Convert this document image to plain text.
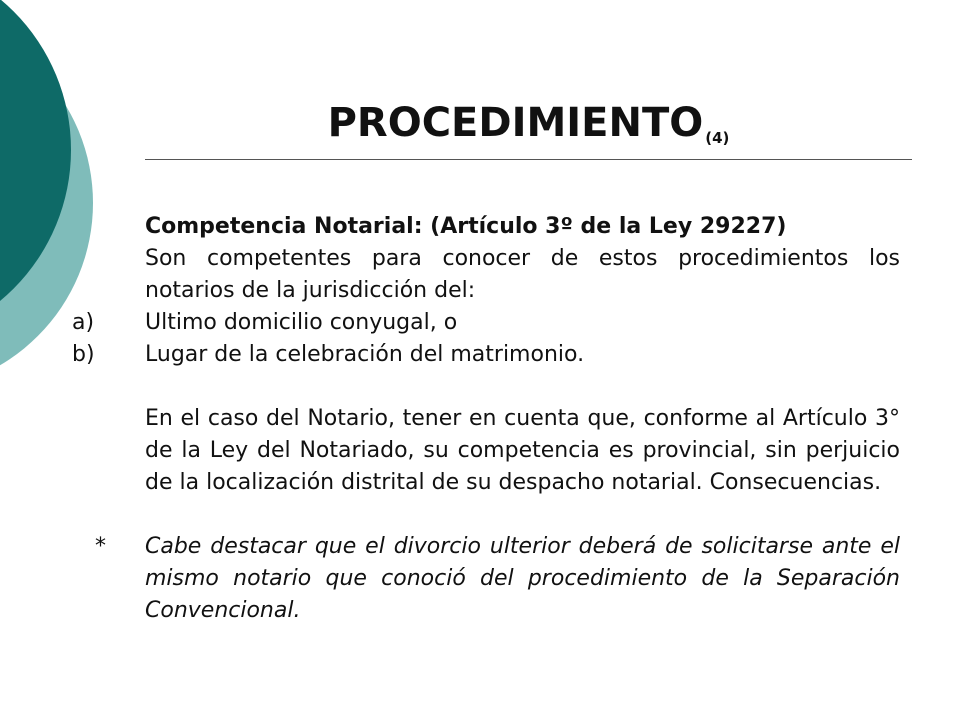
PROCEDIMIENTO $_{(4)}$

Competencia Notarial: (Artículo 3º de la Ley 29227)

Son competentes para conocer de estos procedimientos los notarios de la jurisdicción del:

a) Ultimo domicilio conyugal, o
b) Lugar de la celebración del matrimonio.

En el caso del Notario, tener en cuenta que, conforme al Artículo 3° de la Ley del Notariado, su competencia es provincial, sin perjuicio de la localización distrital de su despacho notarial. Consecuencias.

* Cabe destacar que el divorcio ulterior deberá de solicitarse ante el mismo notario que conoció del procedimiento de la Separación Convencional.
